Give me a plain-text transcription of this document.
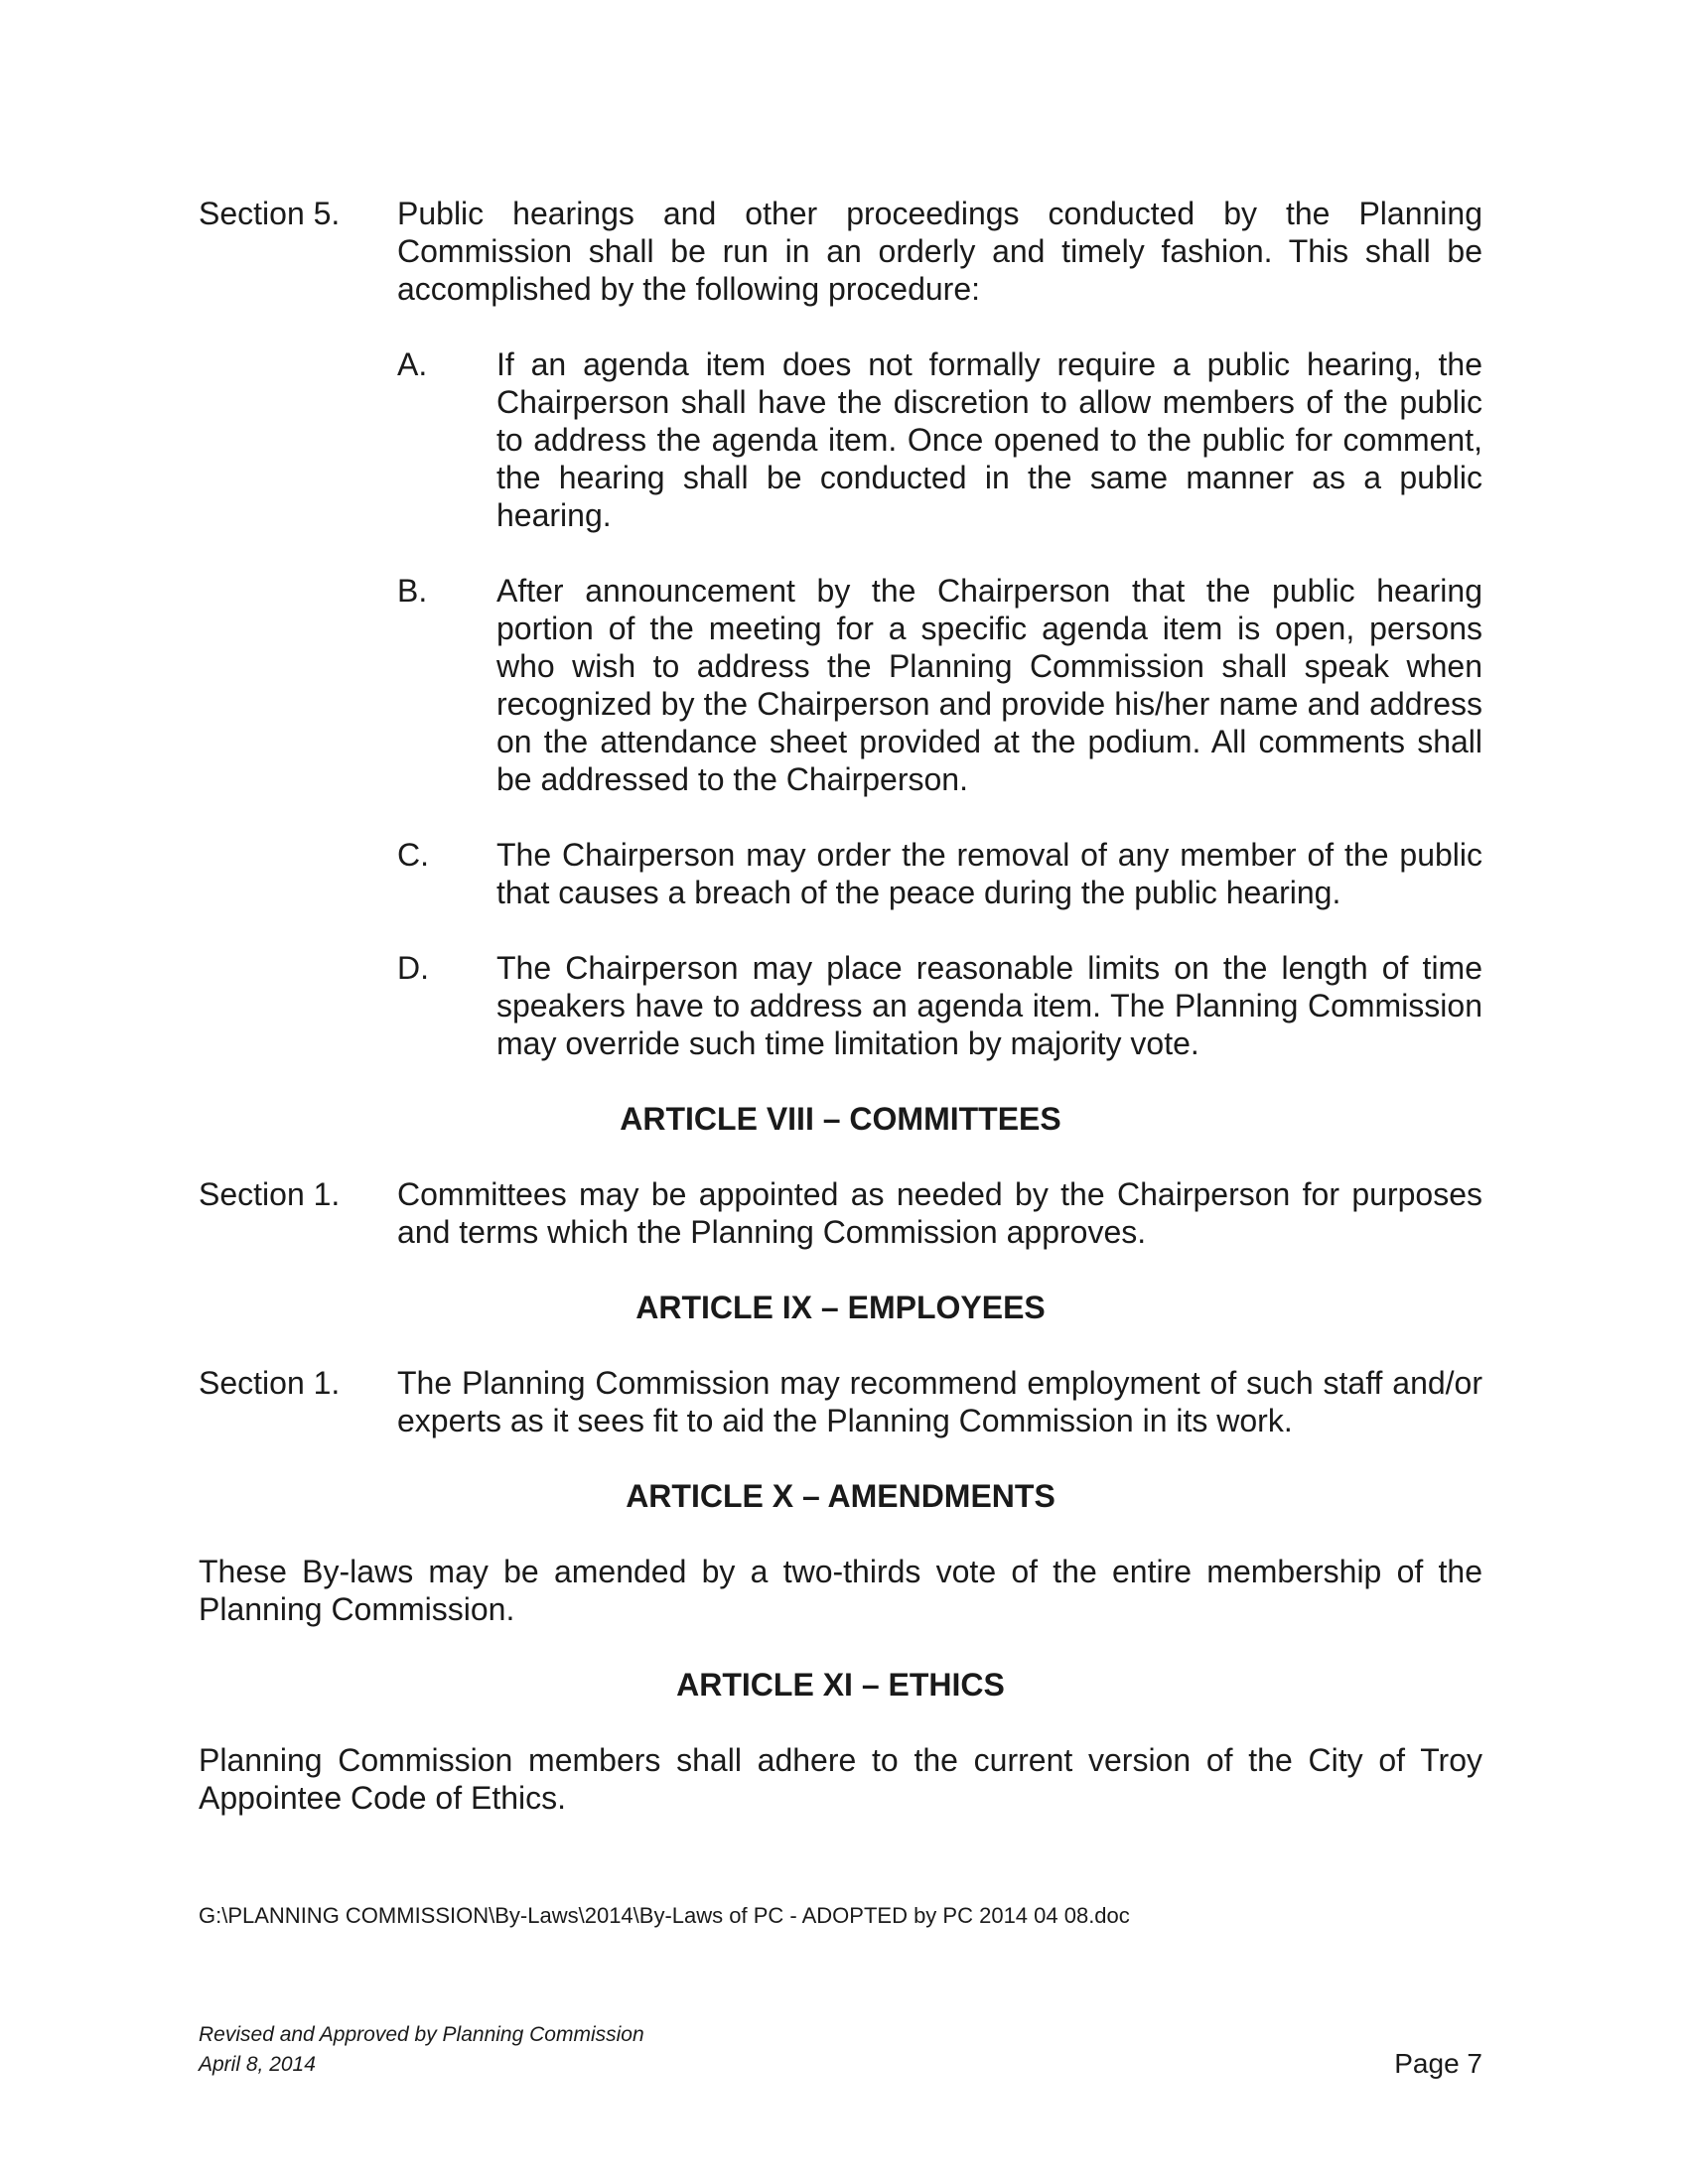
Section 5.	Public hearings and other proceedings conducted by the Planning Commission shall be run in an orderly and timely fashion. This shall be accomplished by the following procedure:
A.	If an agenda item does not formally require a public hearing, the Chairperson shall have the discretion to allow members of the public to address the agenda item. Once opened to the public for comment, the hearing shall be conducted in the same manner as a public hearing.
B.	After announcement by the Chairperson that the public hearing portion of the meeting for a specific agenda item is open, persons who wish to address the Planning Commission shall speak when recognized by the Chairperson and provide his/her name and address on the attendance sheet provided at the podium. All comments shall be addressed to the Chairperson.
C.	The Chairperson may order the removal of any member of the public that causes a breach of the peace during the public hearing.
D.	The Chairperson may place reasonable limits on the length of time speakers have to address an agenda item. The Planning Commission may override such time limitation by majority vote.
ARTICLE VIII – COMMITTEES
Section 1.	Committees may be appointed as needed by the Chairperson for purposes and terms which the Planning Commission approves.
ARTICLE IX – EMPLOYEES
Section 1.	The Planning Commission may recommend employment of such staff and/or experts as it sees fit to aid the Planning Commission in its work.
ARTICLE X – AMENDMENTS
These By-laws may be amended by a two-thirds vote of the entire membership of the Planning Commission.
ARTICLE XI – ETHICS
Planning Commission members shall adhere to the current version of the City of Troy Appointee Code of Ethics.
G:\PLANNING COMMISSION\By-Laws\2014\By-Laws of PC - ADOPTED by PC 2014 04 08.doc
Revised and Approved by Planning Commission
April 8, 2014	Page 7
